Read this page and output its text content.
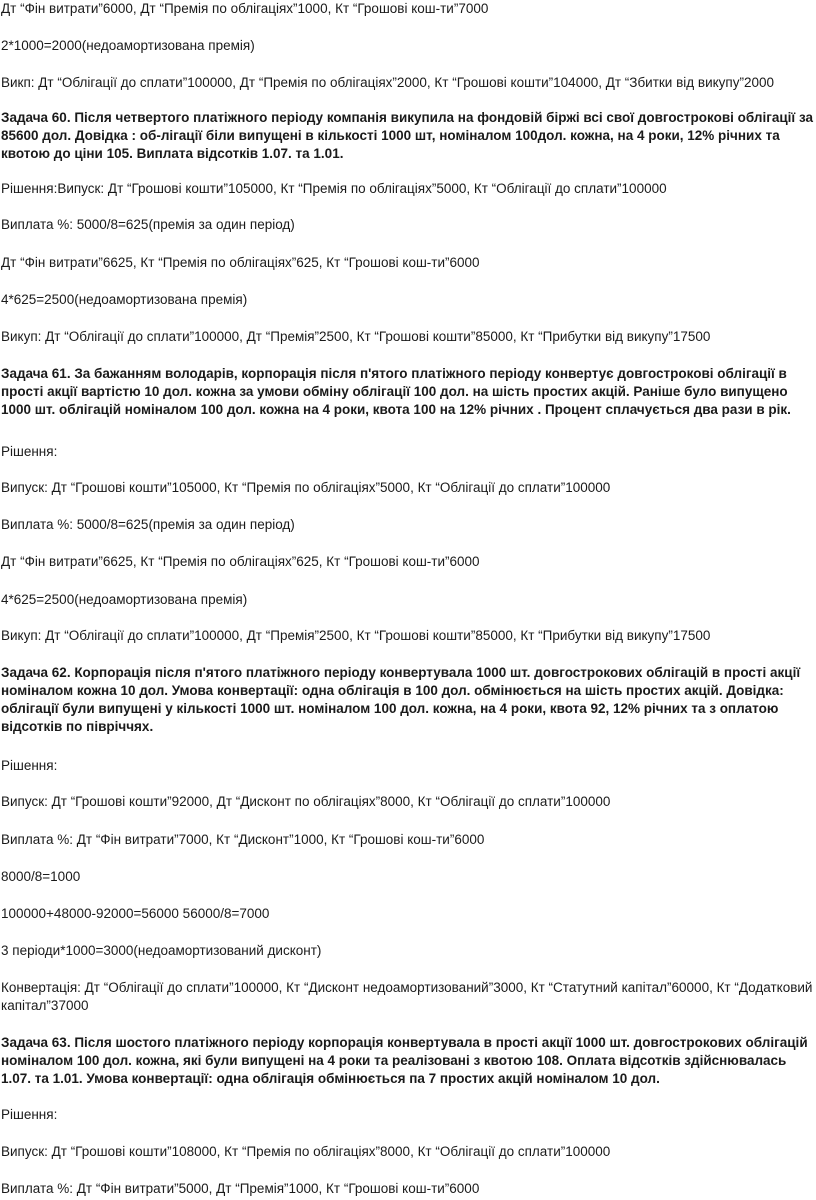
Дт “Фін витрати”6000, Дт “Премія по облігаціях”1000, Кт “Грошові кош-ти”7000

2*1000=2000(недоамортизована премія)

Викп: Дт “Облігації до сплати”100000, Дт “Премія по облігаціях”2000, Кт “Грошові кошти”104000, Дт “Збитки від викупу”2000

Задача 60. Після четвертого платіжного періоду компанія викупила на фондовій біржі всі свої довгострокові облігації за 85600 дол. Довідка : об-лігації біли випущені в кількості 1000 шт, номіналом 100дол. кожна, на 4 роки, 12% річних та квотою до ціни 105. Виплата відсотків 1.07. та 1.01.

Рішення:Випуск: Дт “Грошові кошти”105000, Кт “Премія по облігаціях”5000, Кт “Облігації до сплати”100000

Виплата %: 5000/8=625(премія за один період)

Дт “Фін витрати”6625, Кт “Премія по облігаціях”625, Кт “Грошові кош-ти”6000

4*625=2500(недоамортизована премія)

Викуп: Дт “Облігації до сплати”100000, Дт “Премія”2500, Кт “Грошові кошти”85000, Кт “Прибутки від викупу”17500

Задача 61. За бажанням володарів, корпорація після п'ятого платіжного періоду конвертує довгострокові облігації в прості акції вартістю 10 дол. кожна за умови обміну облігації 100 дол. на шість простих акцій. Раніше було випущено 1000 шт. облігацій номіналом 100 дол. кожна на 4 роки, квота 100 на 12% річних . Процент сплачується два рази в рік.

Рішення:

Випуск: Дт “Грошові кошти”105000, Кт “Премія по облігаціях”5000, Кт “Облігації до сплати”100000

Виплата %: 5000/8=625(премія за один період)

Дт “Фін витрати”6625, Кт “Премія по облігаціях”625, Кт “Грошові кош-ти”6000

4*625=2500(недоамортизована премія)

Викуп: Дт “Облігації до сплати”100000, Дт “Премія”2500, Кт “Грошові кошти”85000, Кт “Прибутки від викупу”17500

Задача 62. Корпорація після п'ятого платіжного періоду конвертувала 1000 шт. довгострокових облігацій в прості акції номіналом кожна 10 дол. Умова конвертації: одна облігація в 100 дол. обмінюється на шість простих акцій. Довідка: облігації були випущені у кількості 1000 шт. номіналом 100 дол. кожна, на 4 роки, квота 92, 12% річних та з оплатою відсотків по півріччях.

Рішення:

Випуск: Дт “Грошові кошти”92000, Дт “Дисконт по облігаціях”8000, Кт “Облігації до сплати”100000

Виплата %: Дт “Фін витрати”7000, Кт “Дисконт”1000, Кт “Грошові кош-ти”6000

8000/8=1000

100000+48000-92000=56000 56000/8=7000

3 періоди*1000=3000(недоамортизований дисконт)

Конвертація: Дт “Облігації до сплати”100000, Кт “Дисконт недоамортизований”3000, Кт “Статутний капітал”60000, Кт “Додатковий капітал”37000

Задача 63. Після шостого платіжного періоду корпорація конвертувала в прості акції 1000 шт. довгострокових облігацій номіналом 100 дол. кожна, які були випущені на 4 роки та реалізовані з квотою 108. Оплата відсотків здійснювалась 1.07. та 1.01. Умова конвертації: одна облігація обмінюється па 7 простих акцій номіналом 10 дол.

Рішення:

Випуск: Дт “Грошові кошти”108000, Кт “Премія по облігаціях”8000, Кт “Облігації до сплати”100000

Виплата %: Дт “Фін витрати”5000, Дт “Премія”1000, Кт “Грошові кош-ти”6000
